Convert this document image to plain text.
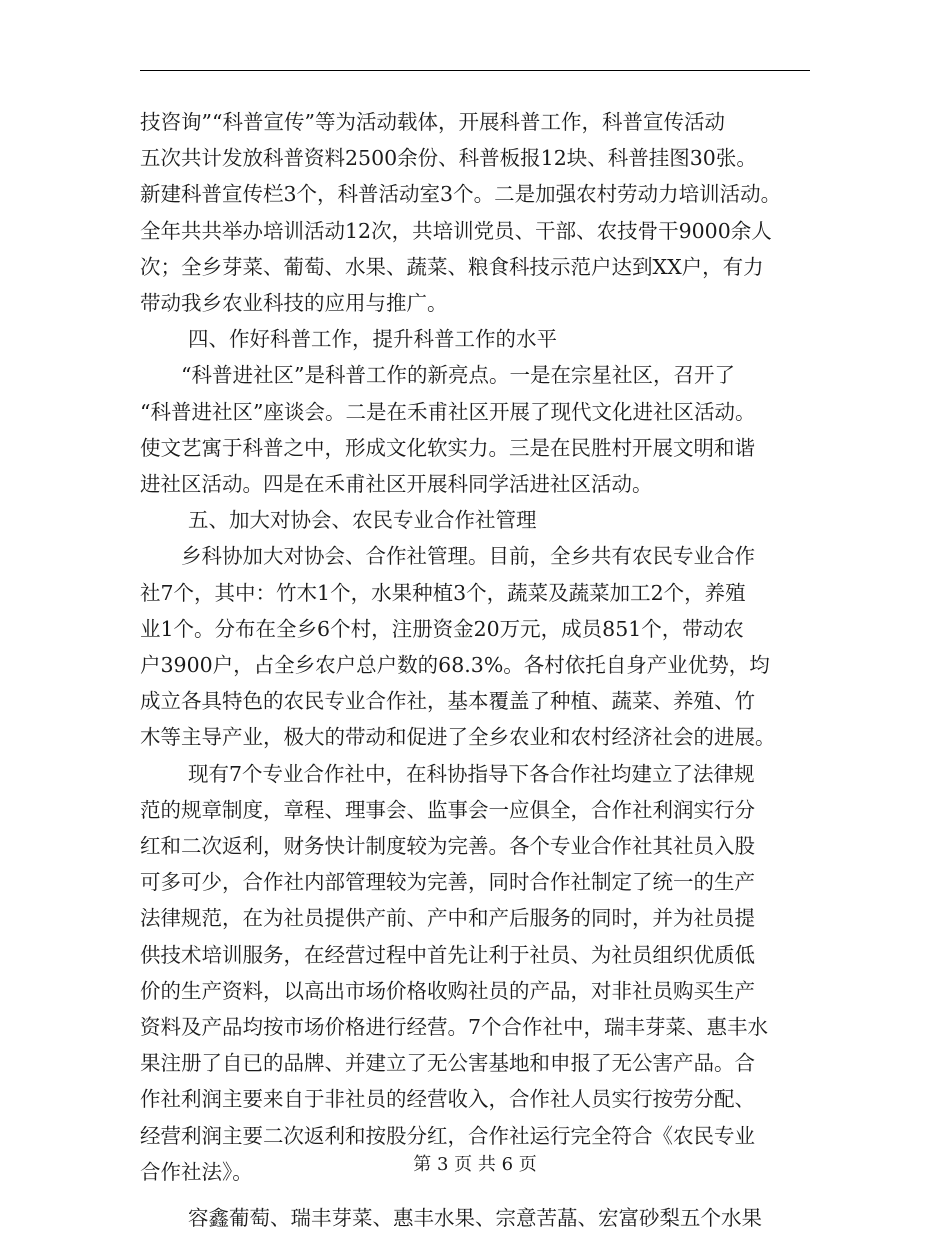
技咨询”“科普宣传”等为活动载体，开展科普工作，科普宣传活动
五次共计发放科普资料2500余份、科普板报12块、科普挂图30张。
新建科普宣传栏3个，科普活动室3个。二是加强农村劳动力培训活动。
全年共共举办培训活动12次，共培训党员、干部、农技骨干9000余人
次；全乡芽菜、葡萄、水果、蔬菜、粮食科技示范户达到XX户，有力
带动我乡农业科技的应用与推广。

四、作好科普工作，提升科普工作的水平

“科普进社区”是科普工作的新亮点。一是在宗星社区，召开了
“科普进社区”座谈会。二是在禾甫社区开展了现代文化进社区活动。
使文艺寓于科普之中，形成文化软实力。三是在民胜村开展文明和谐
进社区活动。四是在禾甫社区开展科同学活进社区活动。

五、加大对协会、农民专业合作社管理

乡科协加大对协会、合作社管理。目前，全乡共有农民专业合作
社7个，其中：竹木1个，水果种植3个，蔬菜及蔬菜加工2个，养殖
业1个。分布在全乡6个村，注册资金20万元，成员851个，带动农
户3900户，占全乡农户总户数的68.3%。各村依托自身产业优势，均
成立各具特色的农民专业合作社，基本覆盖了种植、蔬菜、养殖、竹
木等主导产业，极大的带动和促进了全乡农业和农村经济社会的进展。

现有7个专业合作社中，在科协指导下各合作社均建立了法律规
范的规章制度，章程、理事会、监事会一应俱全，合作社利润实行分
红和二次返利，财务快计制度较为完善。各个专业合作社其社员入股
可多可少，合作社内部管理较为完善，同时合作社制定了统一的生产
法律规范，在为社员提供产前、产中和产后服务的同时，并为社员提
供技术培训服务，在经营过程中首先让利于社员、为社员组织优质低
价的生产资料，以高出市场价格收购社员的产品，对非社员购买生产
资料及产品均按市场价格进行经营。7个合作社中，瑞丰芽菜、惠丰水
果注册了自已的品牌、并建立了无公害基地和申报了无公害产品。合
作社利润主要来自于非社员的经营收入，合作社人员实行按劳分配、
经营利润主要二次返利和按股分红，合作社运行完全符合《农民专业
合作社法》。

容鑫葡萄、瑞丰芽菜、惠丰水果、宗意苦蕌、宏富砂梨五个水果

第 3 页 共 6 页
